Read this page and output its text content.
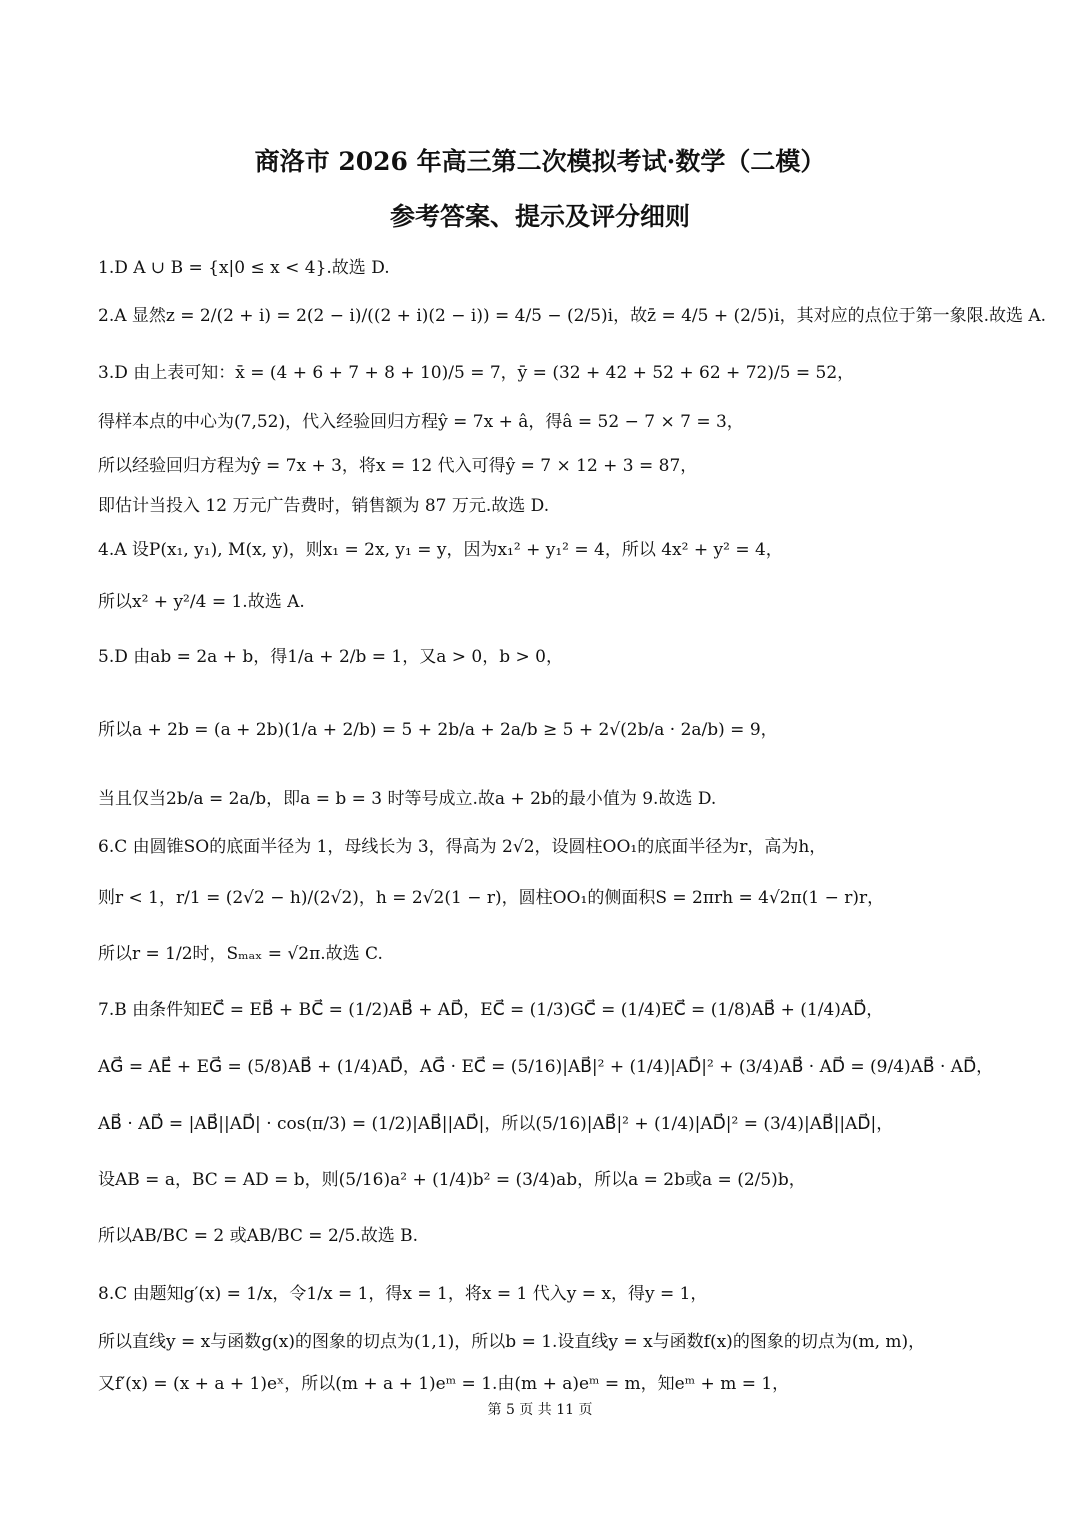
商洛市 2026 年高三第二次模拟考试·数学（二模）
参考答案、提示及评分细则
1.D A ∪ B = {x|0 ≤ x < 4}.故选 D.
2.A 显然z = 2/(2 + i) = 2(2 − i)/((2 + i)(2 − i)) = 4/5 − (2/5)i，故z̄ = 4/5 + (2/5)i，其对应的点位于第一象限.故选 A.
3.D 由上表可知：x̄ = (4 + 6 + 7 + 8 + 10)/5 = 7，ȳ = (32 + 42 + 52 + 62 + 72)/5 = 52，
得样本点的中心为(7,52)，代入经验回归方程ŷ = 7x + â，得â = 52 − 7 × 7 = 3，
所以经验回归方程为ŷ = 7x + 3，将x = 12 代入可得ŷ = 7 × 12 + 3 = 87，
即估计当投入 12 万元广告费时，销售额为 87 万元.故选 D.
4.A 设P(x₁, y₁), M(x, y)，则x₁ = 2x, y₁ = y，因为x₁² + y₁² = 4，所以 4x² + y² = 4，
所以x² + y²/4 = 1.故选 A.
5.D 由ab = 2a + b，得1/a + 2/b = 1，又a > 0，b > 0，
所以a + 2b = (a + 2b)(1/a + 2/b) = 5 + 2b/a + 2a/b ≥ 5 + 2√(2b/a · 2a/b) = 9，
当且仅当2b/a = 2a/b，即a = b = 3 时等号成立.故a + 2b的最小值为 9.故选 D.
6.C 由圆锥SO的底面半径为 1，母线长为 3，得高为 2√2，设圆柱OO₁的底面半径为r，高为h，
则r < 1，r/1 = (2√2 − h)/(2√2)，h = 2√2(1 − r)，圆柱OO₁的侧面积S = 2πrh = 4√2π(1 − r)r，
所以r = 1/2时，Sₘₐₓ = √2π.故选 C.
7.B 由条件知EC⃗ = EB⃗ + BC⃗ = (1/2)AB⃗ + AD⃗，EC⃗ = (1/3)GC⃗ = (1/4)EC⃗ = (1/8)AB⃗ + (1/4)AD⃗，
AG⃗ = AE⃗ + EG⃗ = (5/8)AB⃗ + (1/4)AD⃗，AG⃗ · EC⃗ = (5/16)|AB⃗|² + (1/4)|AD⃗|² + (3/4)AB⃗ · AD⃗ = (9/4)AB⃗ · AD⃗，
AB⃗ · AD⃗ = |AB⃗||AD⃗| · cos(π/3) = (1/2)|AB⃗||AD⃗|，所以(5/16)|AB⃗|² + (1/4)|AD⃗|² = (3/4)|AB⃗||AD⃗|，
设AB = a，BC = AD = b，则(5/16)a² + (1/4)b² = (3/4)ab，所以a = 2b或a = (2/5)b，
所以AB/BC = 2 或AB/BC = 2/5.故选 B.
8.C 由题知g′(x) = 1/x，令1/x = 1，得x = 1，将x = 1 代入y = x，得y = 1，
所以直线y = x与函数g(x)的图象的切点为(1,1)，所以b = 1.设直线y = x与函数f(x)的图象的切点为(m, m)，
又f′(x) = (x + a + 1)eˣ，所以(m + a + 1)eᵐ = 1.由(m + a)eᵐ = m，知eᵐ + m = 1，
第 5 页 共 11 页
